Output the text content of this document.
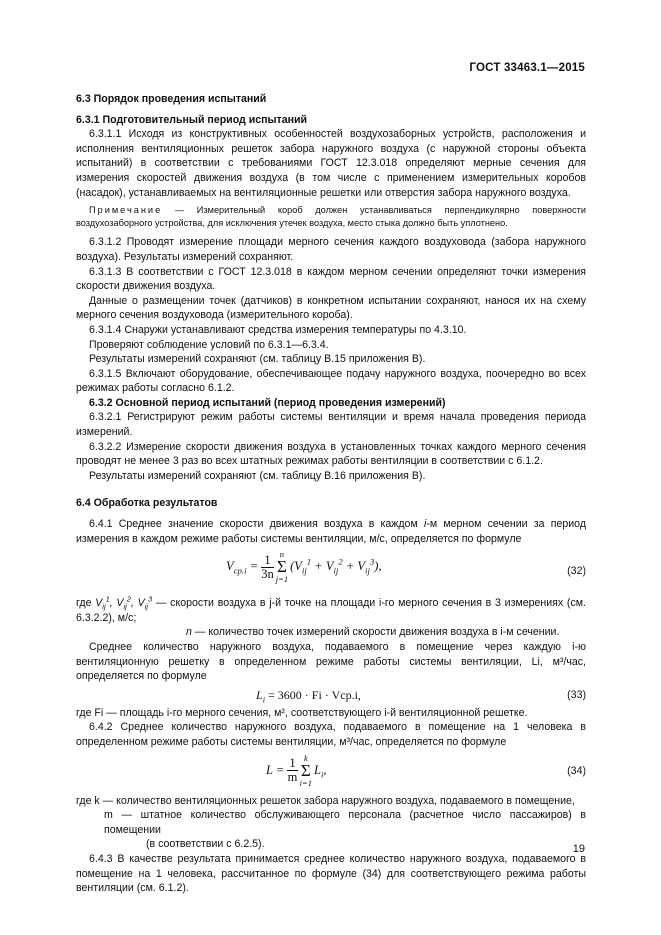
ГОСТ 33463.1—2015
6.3 Порядок проведения испытаний
6.3.1 Подготовительный период испытаний

6.3.1.1 Исходя из конструктивных особенностей воздухозаборных устройств, расположения и исполнения вентиляционных решеток забора наружного воздуха (с наружной стороны объекта испытаний) в соответствии с требованиями ГОСТ 12.3.018 определяют мерные сечения для измерения скоростей движения воздуха (в том числе с применением измерительных коробов (насадок), устанавливаемых на вентиляционные решетки или отверстия забора наружного воздуха.

Примечание — Измерительный короб должен устанавливаться перпендикулярно поверхности воздухозаборного устройства, для исключения утечек воздуха, место стыка должно быть уплотнено.

6.3.1.2 Проводят измерение площади мерного сечения каждого воздуховода (забора наружного воздуха). Результаты измерений сохраняют.

6.3.1.3 В соответствии с ГОСТ 12.3.018 в каждом мерном сечении определяют точки измерения скорости движения воздуха.

Данные о размещении точек (датчиков) в конкретном испытании сохраняют, нанося их на схему мерного сечения воздуховода (измерительного короба).

6.3.1.4 Снаружи устанавливают средства измерения температуры по 4.3.10.

Проверяют соблюдение условий по 6.3.1—6.3.4.

Результаты измерений сохраняют (см. таблицу В.15 приложения В).

6.3.1.5 Включают оборудование, обеспечивающее подачу наружного воздуха, поочередно во всех режимах работы согласно 6.1.2.

6.3.2 Основной период испытаний (период проведения измерений)

6.3.2.1 Регистрируют режим работы системы вентиляции и время начала проведения периода измерений.

6.3.2.2 Измерение скорости движения воздуха в установленных точках каждого мерного сечения проводят не менее 3 раз во всех штатных режимах работы вентиляции в соответствии с 6.1.2.

Результаты измерений сохраняют (см. таблицу В.16 приложения В).

6.4 Обработка результатов

6.4.1 Среднее значение скорости движения воздуха в каждом i-м мерном сечении за период измерения в каждом режиме работы системы вентиляции, м/с, определяется по формуле

$V_{ср.i} = \frac{1}{3n}$ n
Σ
j=1
$(V_{ij}^1 + V_{ij}^2 + V_{ij}^3)$,	(32)

где $V_{ij}^1$, $V_{ij}^2$, $V_{ij}^3$ — скорости воздуха в j-й точке на площади i-го мерного сечения в 3 измерениях (см. 6.3.2.2), м/с;

n — количество точек измерений скорости движения воздуха в i-м сечении.

Среднее количество наружного воздуха, подаваемого в помещение через каждую i-ю вентиляционную решетку в определенном режиме работы системы вентиляции, Li, м³/час, определяется по формуле

$L_i = 3600 \cdot Fi \cdot Vср.i$,	(33)

где Fi — площадь i-го мерного сечения, м², соответствующего i-й вентиляционной решетке.

6.4.2 Среднее количество наружного воздуха, подаваемого в помещение на 1 человека в определенном режиме работы системы вентиляции, м³/час, определяется по формуле

$L = \frac{1}{m}$ k
Σ
i=1
$L_i$,	(34)

где k — количество вентиляционных решеток забора наружного воздуха, подаваемого в помещение,

m — штатное количество обслуживающего персонала (расчетное число пассажиров) в помещении

(в соответствии с 6.2.5).

6.4.3 В качестве результата принимается среднее количество наружного воздуха, подаваемого в помещение на 1 человека, рассчитанное по формуле (34) для соответствующего режима работы вентиляции (см. 6.1.2).

19
